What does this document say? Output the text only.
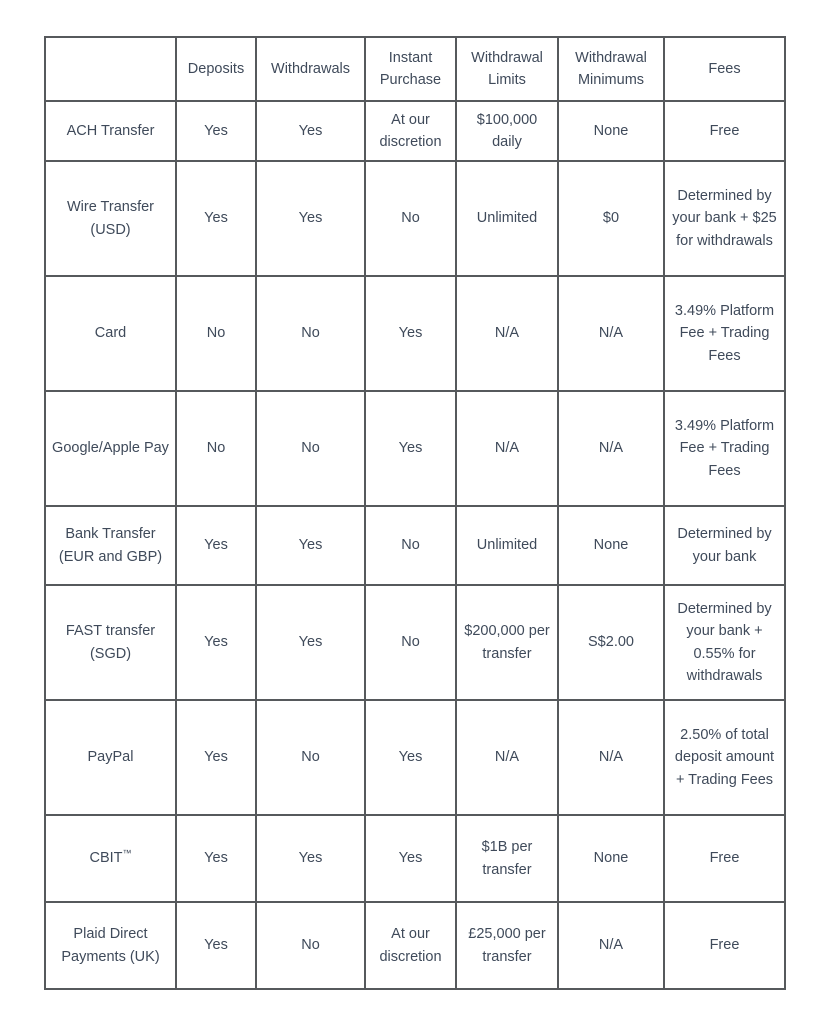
	Deposits	Withdrawals	Instant Purchase	Withdrawal Limits	Withdrawal Minimums	Fees
ACH Transfer	Yes	Yes	At our discretion	$100,000 daily	None	Free
Wire Transfer (USD)	Yes	Yes	No	Unlimited	$0	Determined by your bank + $25 for withdrawals
Card	No	No	Yes	N/A	N/A	3.49% Platform Fee + Trading Fees
Google/Apple Pay	No	No	Yes	N/A	N/A	3.49% Platform Fee + Trading Fees
Bank Transfer (EUR and GBP)	Yes	Yes	No	Unlimited	None	Determined by your bank
FAST transfer (SGD)	Yes	Yes	No	$200,000 per transfer	S$2.00	Determined by your bank + 0.55% for withdrawals
PayPal	Yes	No	Yes	N/A	N/A	2.50% of total deposit amount + Trading Fees
CBIT™	Yes	Yes	Yes	$1B per transfer	None	Free
Plaid Direct Payments (UK)	Yes	No	At our discretion	£25,000 per transfer	N/A	Free
